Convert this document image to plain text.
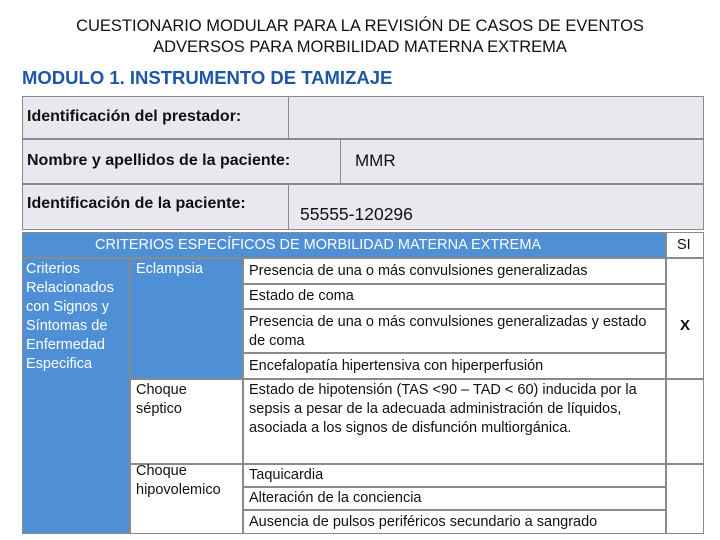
CUESTIONARIO MODULAR PARA LA REVISIÓN DE CASOS DE EVENTOS
ADVERSOS PARA MORBILIDAD MATERNA EXTREMA
MODULO 1. INSTRUMENTO DE TAMIZAJE
Identificación del prestador:
Nombre y apellidos de la paciente:	MMR
Identificación de la paciente:
55555-120296
CRITERIOS ESPECÍFICOS DE MORBILIDAD MATERNA EXTREMA	SI
Criterios Relacionados con Signos y Síntomas de Enfermedad Especifica
Eclampsia
Choque séptico
Choque hipovolemico
Presencia de una o más convulsiones generalizadas
Estado de coma
Presencia de una o más convulsiones generalizadas y estado de coma
Encefalopatía hipertensiva con hiperperfusión
Estado de hipotensión (TAS <90 – TAD < 60) inducida por la sepsis a pesar de la adecuada administración de líquidos, asociada a los signos de disfunción multiorgánica.
Taquicardia
Alteración de la conciencia
Ausencia de pulsos periféricos secundario a sangrado
X
